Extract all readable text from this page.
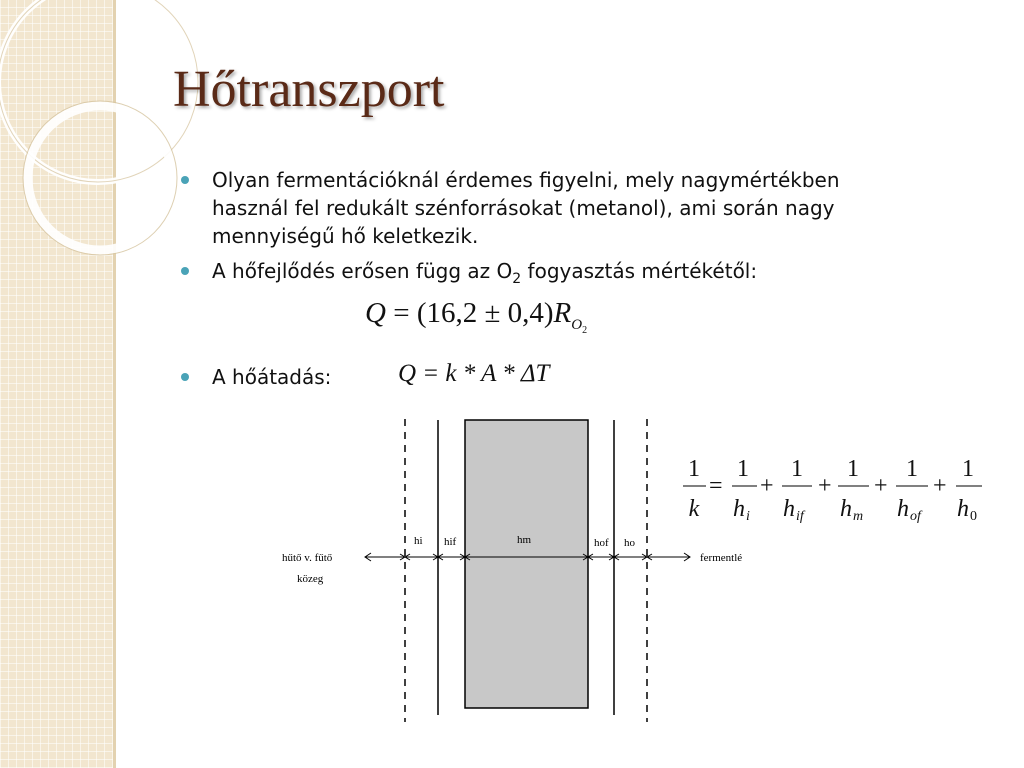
Hőtranszport
Olyan fermentációknál érdemes figyelni, mely nagymértékben
használ fel redukált szénforrásokat (metanol), ami során nagy
mennyiségű hő keletkezik.
A hőfejlődés erősen függ az $O_2$ fogyasztás mértékétől:
A hőátadás:
$Q = (16,2 \pm 0,4)R_{O_2}$
Q = k * A * ΔT
hűtő v. fűtő
közeg
fermentlé
hi hif	hm	hof ho
1
k
=
1
h i
+
1
h if
+
1
h m
+
1
h of
+
1
h 0
